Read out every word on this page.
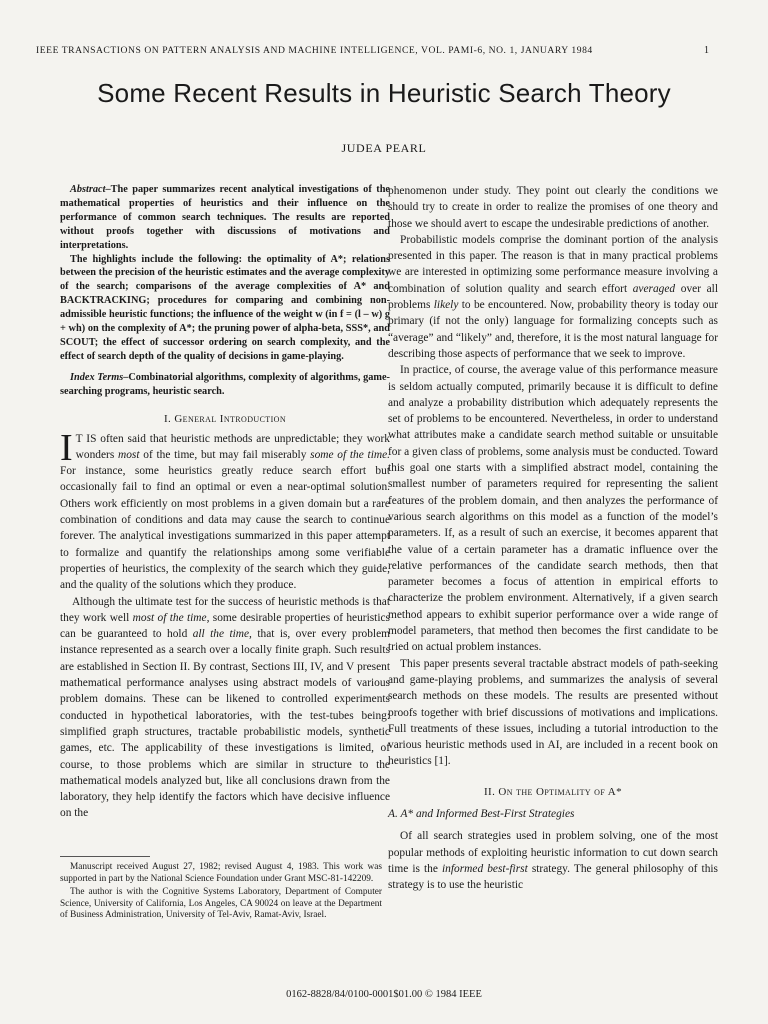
IEEE TRANSACTIONS ON PATTERN ANALYSIS AND MACHINE INTELLIGENCE, VOL. PAMI-6, NO. 1, JANUARY 1984	1
Some Recent Results in Heuristic Search Theory
JUDEA PEARL

Abstract–The paper summarizes recent analytical investigations of the mathematical properties of heuristics and their influence on the performance of common search techniques. The results are reported without proofs together with discussions of motivations and interpretations.

The highlights include the following: the optimality of A*; relations between the precision of the heuristic estimates and the average complexity of the search; comparisons of the average complexities of A* and BACKTRACKING; procedures for comparing and combining non-admissible heuristic functions; the influence of the weight w (in f = (l – w) g + wh) on the complexity of A*; the pruning power of alpha-beta, SSS*, and SCOUT; the effect of successor ordering on search complexity, and the effect of search depth of the quality of decisions in game-playing.

Index Terms–Combinatorial algorithms, complexity of algorithms, game-searching programs, heuristic search.

I. General Introduction

I T IS often said that heuristic methods are unpredictable; they work wonders most of the time, but may fail miserably some of the time. For instance, some heuristics greatly reduce search effort but occasionally fail to find an optimal or even a near-optimal solution. Others work efficiently on most problems in a given domain but a rare combination of conditions and data may cause the search to continue forever. The analytical investigations summarized in this paper attempt to formalize and quantify the relationships among some verifiable properties of heuristics, the complexity of the search which they guide, and the quality of the solutions which they produce.

Although the ultimate test for the success of heuristic methods is that they work well most of the time, some desirable properties of heuristics can be guaranteed to hold all the time, that is, over every problem instance represented as a search over a locally finite graph. Such results are established in Section II. By contrast, Sections III, IV, and V present mathematical performance analyses using abstract models of various problem domains. These can be likened to controlled experiments conducted in hypothetical laboratories, with the test-tubes being: simplified graph structures, tractable probabilistic models, synthetic games, etc. The applicability of these investigations is limited, of course, to those problems which are similar in structure to the mathematical models analyzed but, like all conclusions drawn from the laboratory, they help identify the factors which have decisive influence on the

Manuscript received August 27, 1982; revised August 4, 1983. This work was supported in part by the National Science Foundation under Grant MSC-81-142209.

The author is with the Cognitive Systems Laboratory, Department of Computer Science, University of California, Los Angeles, CA 90024 on leave at the Department of Business Administration, University of Tel-Aviv, Ramat-Aviv, Israel.

phenomenon under study. They point out clearly the conditions we should try to create in order to realize the promises of one theory and those we should avert to escape the undesirable predictions of another.

Probabilistic models comprise the dominant portion of the analysis presented in this paper. The reason is that in many practical problems we are interested in optimizing some performance measure involving a combination of solution quality and search effort averaged over all problems likely to be encountered. Now, probability theory is today our primary (if not the only) language for formalizing concepts such as “average” and “likely” and, therefore, it is the most natural language for describing those aspects of performance that we seek to improve.

In practice, of course, the average value of this performance measure is seldom actually computed, primarily because it is difficult to define and analyze a probability distribution which adequately represents the set of problems to be encountered. Nevertheless, in order to understand what attributes make a candidate search method suitable or unsuitable for a given class of problems, some analysis must be conducted. Toward this goal one starts with a simplified abstract model, containing the smallest number of parameters required for representing the salient features of the problem domain, and then analyzes the performance of various search algorithms on this model as a function of the model’s parameters. If, as a result of such an exercise, it becomes apparent that the value of a certain parameter has a dramatic influence over the relative performances of the candidate search methods, then that parameter becomes a focus of attention in empirical efforts to characterize the problem environment. Alternatively, if a given search method appears to exhibit superior performance over a wide range of model parameters, that method then becomes the first candidate to be tried on actual problem instances.

This paper presents several tractable abstract models of path-seeking and game-playing problems, and summarizes the analysis of several search methods on these models. The results are presented without proofs together with brief discussions of motivations and implications. Full treatments of these issues, including a tutorial introduction to the various heuristic methods used in AI, are included in a recent book on heuristics [1].

II. On the Optimality of A*
A. A* and Informed Best-First Strategies

Of all search strategies used in problem solving, one of the most popular methods of exploiting heuristic information to cut down search time is the informed best-first strategy. The general philosophy of this strategy is to use the heuristic

0162-8828/84/0100-0001$01.00 © 1984 IEEE
